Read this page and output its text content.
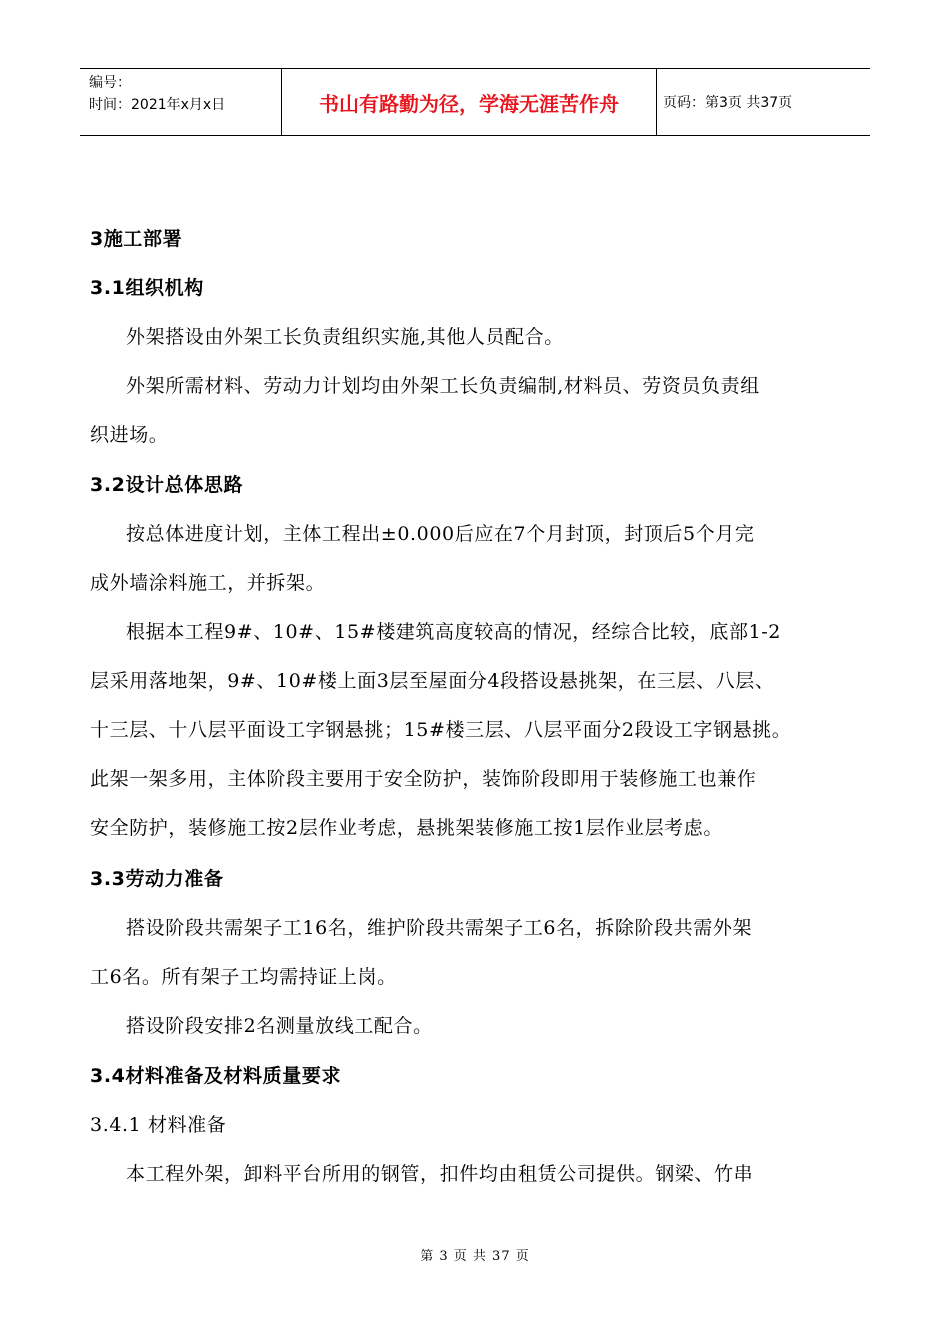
编号：
时间：2021年x月x日	书山有路勤为径，学海无涯苦作舟	页码：第3页 共37页
3施工部署
3.1组织机构
外架搭设由外架工长负责组织实施,其他人员配合。
外架所需材料、劳动力计划均由外架工长负责编制,材料员、劳资员负责组
织进场。
3.2设计总体思路
按总体进度计划，主体工程出±0.000后应在7个月封顶，封顶后5个月完
成外墙涂料施工，并拆架。
根据本工程9#、10#、15#楼建筑高度较高的情况，经综合比较，底部1-2
层采用落地架，9#、10#楼上面3层至屋面分4段搭设悬挑架，在三层、八层、
十三层、十八层平面设工字钢悬挑；15#楼三层、八层平面分2段设工字钢悬挑。
此架一架多用，主体阶段主要用于安全防护，装饰阶段即用于装修施工也兼作
安全防护，装修施工按2层作业考虑，悬挑架装修施工按1层作业层考虑。
3.3劳动力准备
搭设阶段共需架子工16名，维护阶段共需架子工6名，拆除阶段共需外架
工6名。所有架子工均需持证上岗。
搭设阶段安排2名测量放线工配合。
3.4材料准备及材料质量要求
3.4.1 材料准备
本工程外架，卸料平台所用的钢管，扣件均由租赁公司提供。钢梁、竹串
第 3 页 共 37 页
